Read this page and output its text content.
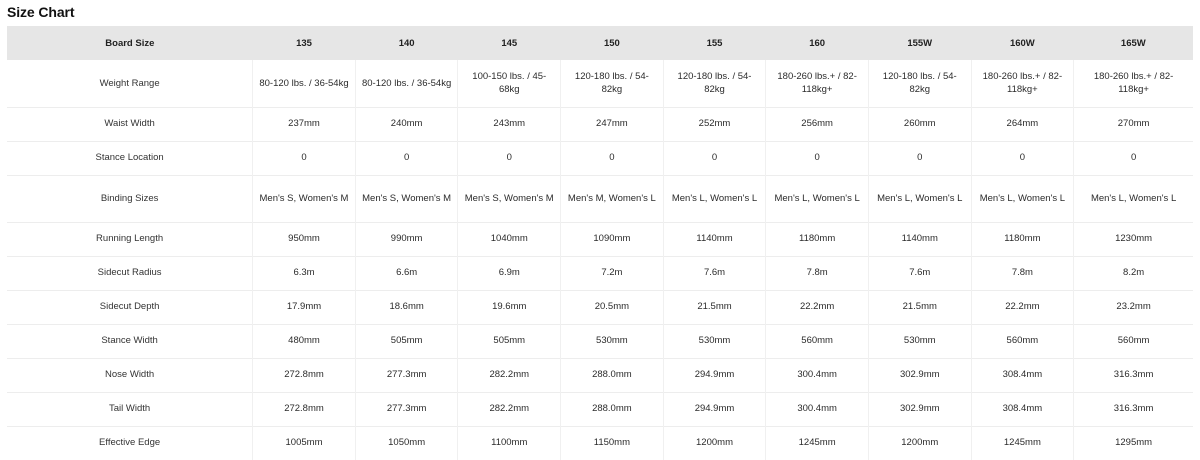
Size Chart
Board Size	135	140	145	150	155	160	155W	160W	165W
Weight Range	80-120 lbs. / 36-54kg	80-120 lbs. / 36-54kg	100-150 lbs. / 45-68kg	120-180 lbs. / 54-82kg	120-180 lbs. / 54-82kg	180-260 lbs.+ / 82-118kg+	120-180 lbs. / 54-82kg	180-260 lbs.+ / 82-118kg+	180-260 lbs.+ / 82-118kg+
Waist Width	237mm	240mm	243mm	247mm	252mm	256mm	260mm	264mm	270mm
Stance Location	0	0	0	0	0	0	0	0	0
Binding Sizes	Men's S, Women's M	Men's S, Women's M	Men's S, Women's M	Men's M, Women's L	Men's L, Women's L	Men's L, Women's L	Men's L, Women's L	Men's L, Women's L	Men's L, Women's L
Running Length	950mm	990mm	1040mm	1090mm	1140mm	1180mm	1140mm	1180mm	1230mm
Sidecut Radius	6.3m	6.6m	6.9m	7.2m	7.6m	7.8m	7.6m	7.8m	8.2m
Sidecut Depth	17.9mm	18.6mm	19.6mm	20.5mm	21.5mm	22.2mm	21.5mm	22.2mm	23.2mm
Stance Width	480mm	505mm	505mm	530mm	530mm	560mm	530mm	560mm	560mm
Nose Width	272.8mm	277.3mm	282.2mm	288.0mm	294.9mm	300.4mm	302.9mm	308.4mm	316.3mm
Tail Width	272.8mm	277.3mm	282.2mm	288.0mm	294.9mm	300.4mm	302.9mm	308.4mm	316.3mm
Effective Edge	1005mm	1050mm	1100mm	1150mm	1200mm	1245mm	1200mm	1245mm	1295mm
